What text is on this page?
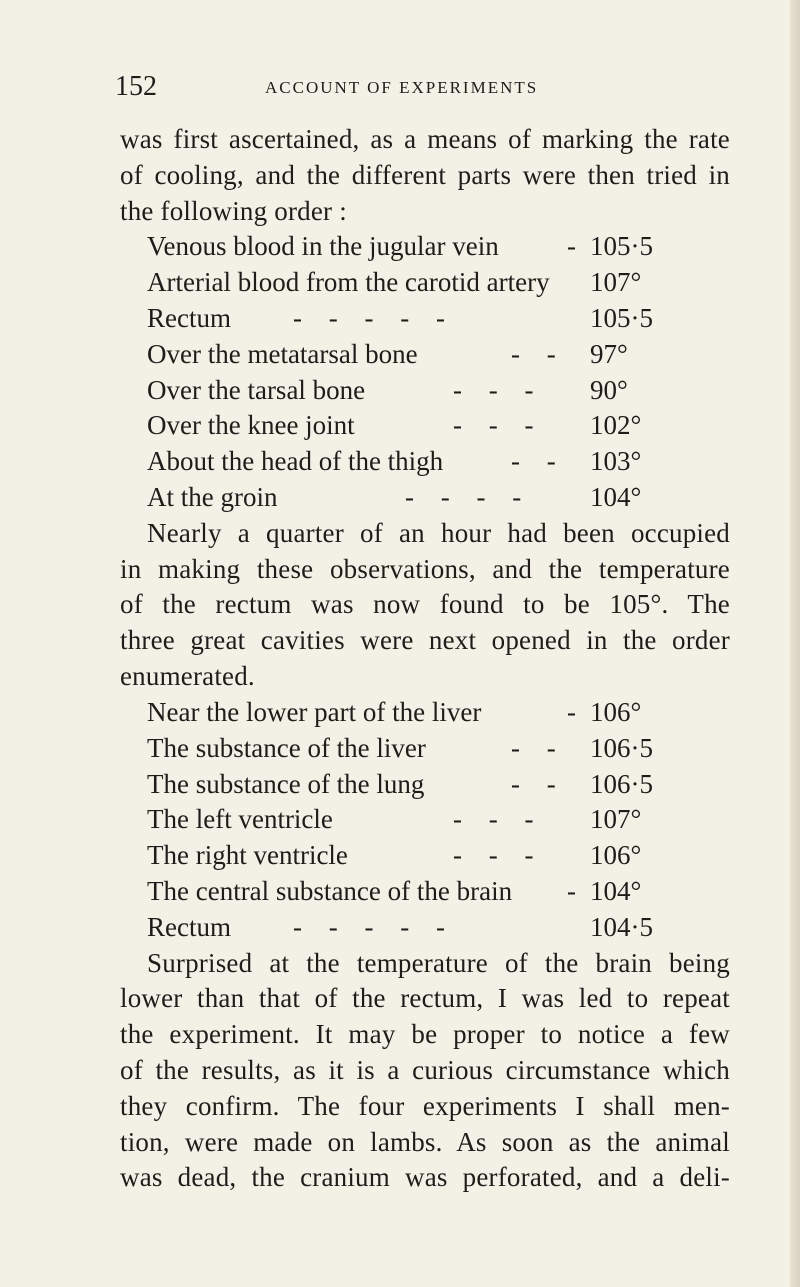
152	ACCOUNT OF EXPERIMENTS
was first ascertained, as a means of marking the rate
of cooling, and the different parts were then tried in
the following order :
Venous blood in the jugular vein	- 105·5
Arterial blood from the carotid artery 107°
Rectum - - - - -	105·5
Over the metatarsal bone	- - 97°
Over the tarsal bone	- - - 90°
Over the knee joint	- - - 102°
About the head of the thigh	- - 103°
At the groin	- - - - 104°
Nearly a quarter of an hour had been occupied
in making these observations, and the temperature
of the rectum was now found to be 105°. The
three great cavities were next opened in the order
enumerated.
Near the lower part of the liver	- 106°
The substance of the liver	- - 106·5
The substance of the lung	- - 106·5
The left ventricle	- - - 107°
The right ventricle	- - - 106°
The central substance of the brain - 104°
Rectum - - - - -	104·5
Surprised at the temperature of the brain being
lower than that of the rectum, I was led to repeat
the experiment. It may be proper to notice a few
of the results, as it is a curious circumstance which
they confirm. The four experiments I shall men-
tion, were made on lambs. As soon as the animal
was dead, the cranium was perforated, and a deli-
